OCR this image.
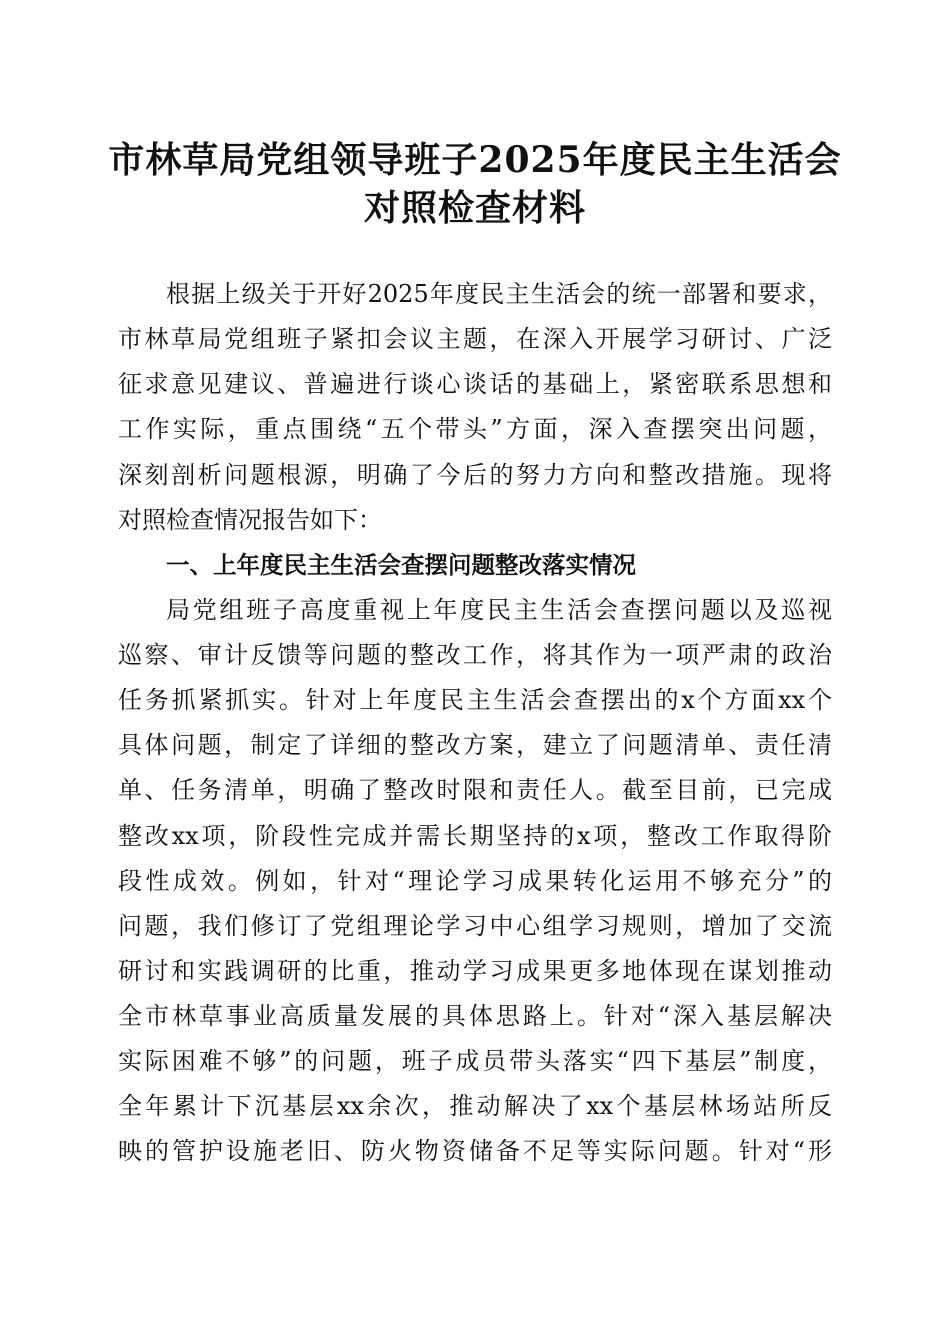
市林草局党组领导班子2025年度民主生活会
对照检查材料

根据上级关于开好2025年度民主生活会的统一部署和要求，

市林草局党组班子紧扣会议主题，在深入开展学习研讨、广泛

征求意见建议、普遍进行谈心谈话的基础上，紧密联系思想和

工作实际，重点围绕“五个带头”方面，深入查摆突出问题，

深刻剖析问题根源，明确了今后的努力方向和整改措施。现将

对照检查情况报告如下：

一、上年度民主生活会查摆问题整改落实情况

局党组班子高度重视上年度民主生活会查摆问题以及巡视

巡察、审计反馈等问题的整改工作，将其作为一项严肃的政治

任务抓紧抓实。针对上年度民主生活会查摆出的x个方面xx个

具体问题，制定了详细的整改方案，建立了问题清单、责任清

单、任务清单，明确了整改时限和责任人。截至目前，已完成

整改xx项，阶段性完成并需长期坚持的x项，整改工作取得阶

段性成效。例如，针对“理论学习成果转化运用不够充分”的

问题，我们修订了党组理论学习中心组学习规则，增加了交流

研讨和实践调研的比重，推动学习成果更多地体现在谋划推动

全市林草事业高质量发展的具体思路上。针对“深入基层解决

实际困难不够”的问题，班子成员带头落实“四下基层”制度，

全年累计下沉基层xx余次，推动解决了xx个基层林场站所反

映的管护设施老旧、防火物资储备不足等实际问题。针对“形
